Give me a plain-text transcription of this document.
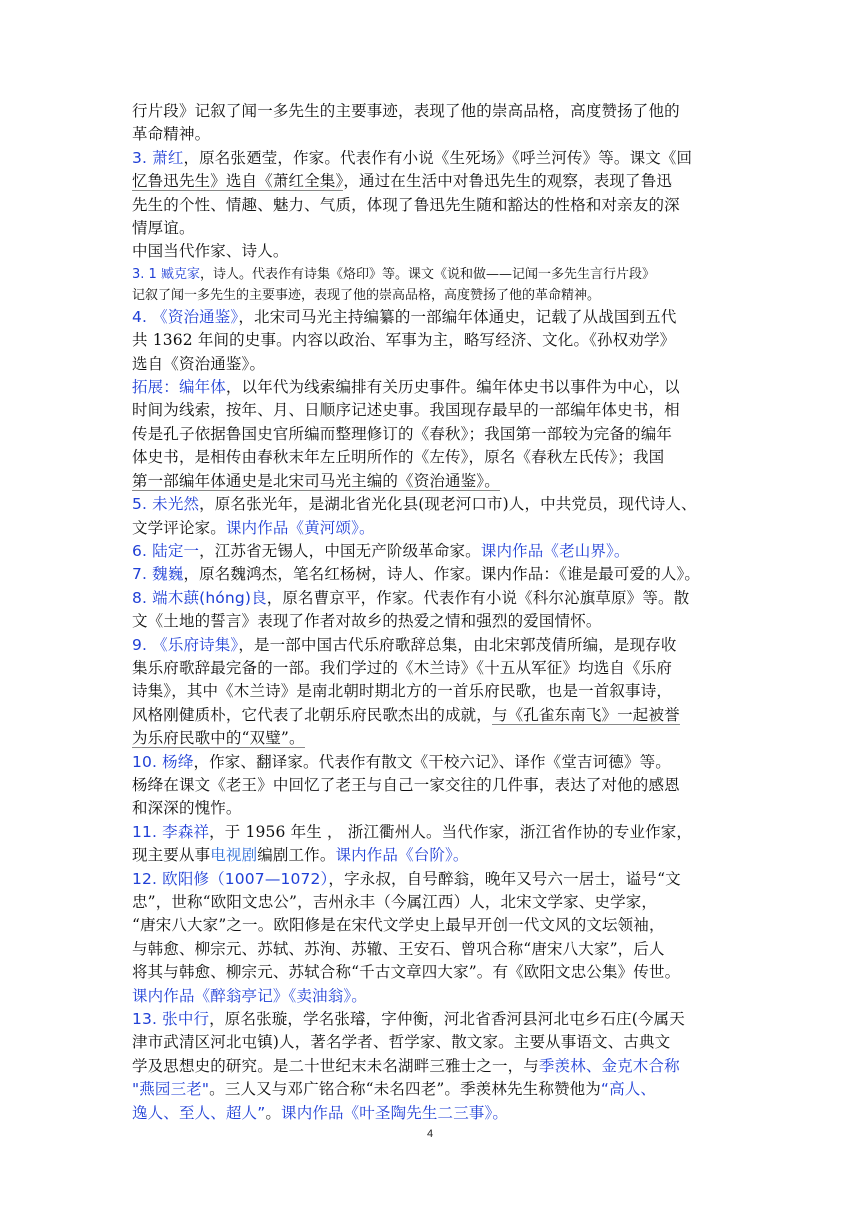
行片段》记叙了闻一多先生的主要事迹，表现了他的崇高品格，高度赞扬了他的
革命精神。
3. 萧红，原名张廼莹，作家。代表作有小说《生死场》《呼兰河传》等。课文《回
忆鲁迅先生》选自《萧红全集》，通过在生活中对鲁迅先生的观察，表现了鲁迅
先生的个性、情趣、魅力、气质，体现了鲁迅先生随和豁达的性格和对亲友的深
情厚谊。
中国当代作家、诗人。
3. 1 臧克家，诗人。代表作有诗集《烙印》等。课文《说和做——记闻一多先生言行片段》
记叙了闻一多先生的主要事迹，表现了他的崇高品格，高度赞扬了他的革命精神。
4. 《资治通鉴》，北宋司马光主持编纂的一部编年体通史，记载了从战国到五代
共 1362 年间的史事。内容以政治、军事为主，略写经济、文化。《孙权劝学》
选自《资治通鉴》。
拓展：编年体，以年代为线索编排有关历史事件。编年体史书以事件为中心，以
时间为线索，按年、月、日顺序记述史事。我国现存最早的一部编年体史书，相
传是孔子依据鲁国史官所编而整理修订的《春秋》；我国第一部较为完备的编年
体史书，是相传由春秋末年左丘明所作的《左传》，原名《春秋左氏传》；我国
第一部编年体通史是北宋司马光主编的《资治通鉴》。
5. 未光然，原名张光年，是湖北省光化县(现老河口市)人，中共党员，现代诗人、
文学评论家。课内作品《黄河颂》。
6. 陆定一，江苏省无锡人，中国无产阶级革命家。课内作品《老山界》。
7. 魏巍，原名魏鸿杰，笔名红杨树，诗人、作家。课内作品：《谁是最可爱的人》。
8. 端木蕻(hóng)良，原名曹京平，作家。代表作有小说《科尔沁旗草原》等。散
文《土地的誓言》表现了作者对故乡的热爱之情和强烈的爱国情怀。
9. 《乐府诗集》，是一部中国古代乐府歌辞总集，由北宋郭茂倩所编，是现存收
集乐府歌辞最完备的一部。我们学过的《木兰诗》《十五从军征》均选自《乐府
诗集》，其中《木兰诗》是南北朝时期北方的一首乐府民歌，也是一首叙事诗，
风格刚健质朴，它代表了北朝乐府民歌杰出的成就，与《孔雀东南飞》一起被誉
为乐府民歌中的“双璧”。
10. 杨绛，作家、翻译家。代表作有散文《干校六记》、译作《堂吉诃德》等。
杨绛在课文《老王》中回忆了老王与自己一家交往的几件事，表达了对他的感恩
和深深的愧怍。
11. 李森祥，于 1956 年生 ， 浙江衢州人。当代作家，浙江省作协的专业作家，
现主要从事电视剧编剧工作。课内作品《台阶》。
12. 欧阳修（1007—1072），字永叔，自号醉翁，晚年又号六一居士，谥号“文
忠”，世称“欧阳文忠公”，吉州永丰（今属江西）人，北宋文学家、史学家，
“唐宋八大家”之一。欧阳修是在宋代文学史上最早开创一代文风的文坛领袖，
与韩愈、柳宗元、苏轼、苏洵、苏辙、王安石、曾巩合称“唐宋八大家”，后人
将其与韩愈、柳宗元、苏轼合称“千古文章四大家”。有《欧阳文忠公集》传世。
课内作品《醉翁亭记》《卖油翁》。
13. 张中行，原名张璇，学名张璿，字仲衡，河北省香河县河北屯乡石庄(今属天
津市武清区河北屯镇)人，著名学者、哲学家、散文家。主要从事语文、古典文
学及思想史的研究。是二十世纪末未名湖畔三雅士之一，与季羡林、金克木合称
"燕园三老"。三人又与邓广铭合称“未名四老”。季羡林先生称赞他为“高人、
逸人、至人、超人”。课内作品《叶圣陶先生二三事》。
4
